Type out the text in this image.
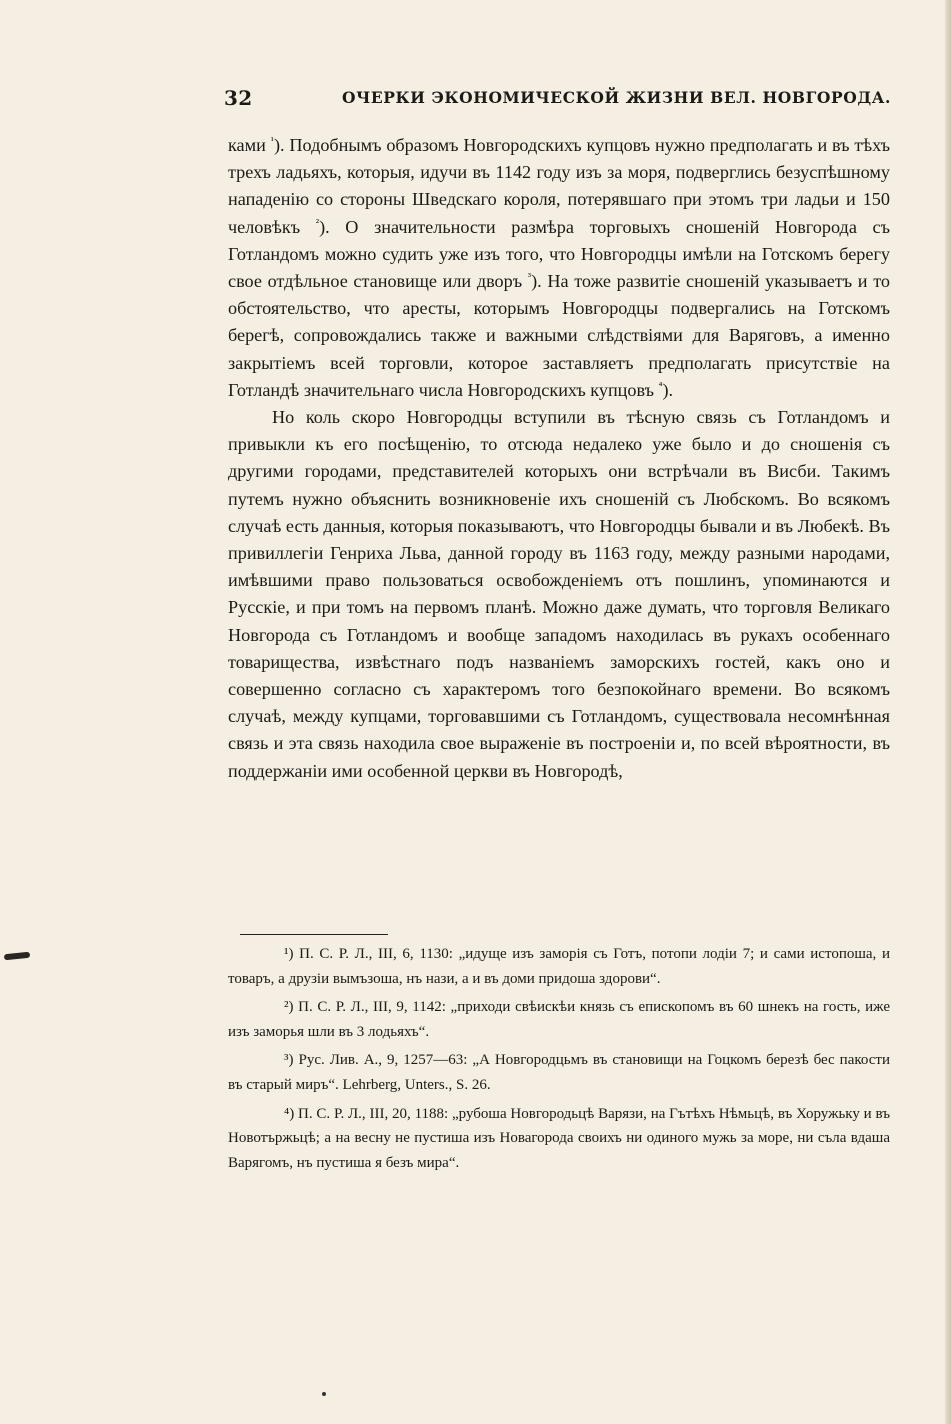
32	ОЧЕРКИ ЭКОНОМИЧЕСКОЙ ЖИЗНИ ВЕЛ. НОВГОРОДА.

ками $^{^1}$). Подобнымъ образомъ Новгородскихъ купцовъ нужно предполагать и въ тѣхъ трехъ ладьяхъ, которыя, идучи въ 1142 году изъ за моря, подверглись безуспѣшному нападенію со стороны Шведскаго короля, потерявшаго при этомъ три ладьи и 150 человѣкъ $^{^2}$). О значительности размѣра торговыхъ сношеній Новгорода съ Готландомъ можно судить уже изъ того, что Новгородцы имѣли на Готскомъ берегу свое отдѣльное становище или дворъ $^{^3}$). На тоже развитіе сношеній указываетъ и то обстоятельство, что аресты, которымъ Новгородцы подвергались на Готскомъ берегѣ, сопровождались также и важными слѣдствіями для Варяговъ, а именно закрытіемъ всей торговли, которое заставляетъ предполагать присутствіе на Готландѣ значительнаго числа Новгородскихъ купцовъ $^{^4}$).

Но коль скоро Новгородцы вступили въ тѣсную связь съ Готландомъ и привыкли къ его посѣщенію, то отсюда недалеко уже было и до сношенія съ другими городами, представителей которыхъ они встрѣчали въ Висби. Такимъ путемъ нужно объяснить возникновеніе ихъ сношеній съ Любскомъ. Во всякомъ случаѣ есть данныя, которыя показываютъ, что Новгородцы бывали и въ Любекѣ. Въ привиллегіи Генриха Льва, данной городу въ 1163 году, между разными народами, имѣвшими право пользоваться освобожденіемъ отъ пошлинъ, упоминаются и Русскіе, и при томъ на первомъ планѣ. Можно даже думать, что торговля Великаго Новгорода съ Готландомъ и вообще западомъ находилась въ рукахъ особеннаго товарищества, извѣстнаго подъ названіемъ заморскихъ гостей, какъ оно и совершенно согласно съ характеромъ того безпокойнаго времени. Во всякомъ случаѣ, между купцами, торговавшими съ Готландомъ, существовала несомнѣнная связь и эта связь находила свое выраженіе въ построеніи и, по всей вѣроятности, въ поддержаніи ими особенной церкви въ Новгородѣ,

¹) П. С. Р. Л., III, 6, 1130: „идуще изъ заморія съ Готъ, потопи лодіи 7; и сами истопоша, и товаръ, а друзіи вымъзоша, нъ нази, а и въ доми придоша здорови“.

²) П. С. Р. Л., III, 9, 1142: „приходи свѣискѣи князь съ епископомъ въ 60 шнекъ на гость, иже изъ заморья шли въ 3 лодьяхъ“.

³) Рус. Лив. А., 9, 1257—63: „А Новгородцьмъ въ становищи на Гоцкомъ березѣ бес пакости въ старый миръ“. Lehrberg, Unters., S. 26.

⁴) П. С. Р. Л., III, 20, 1188: „рубоша Новгородьцѣ Варязи, на Гътѣхъ Нѣмьцѣ, въ Хоружьку и въ Новотържьцѣ; а на весну не пустиша изъ Новагорода своихъ ни одиного мужь за море, ни съла вдаша Варягомъ, нъ пустиша я безъ мира“.
